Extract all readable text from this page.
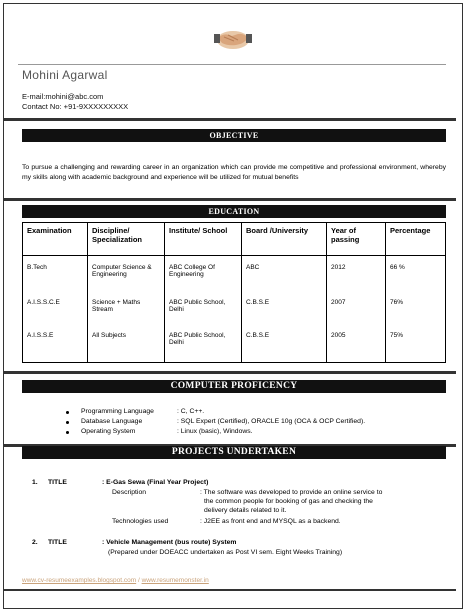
Mohini Agarwal
E-mail:mohini@abc.com
Contact No: +91-9XXXXXXXXX
OBJECTIVE
To pursue a challenging and rewarding career in an organization which can provide me competitive and professional environment, whereby my skills along with academic background and experience will be utilized for mutual benefits
EDUCATION
Examination	Discipline/ Specialization	Institute/ School	Board /University	Year of passing	Percentage
B.Tech	Computer Science & Engineering	ABC College Of Engineering	ABC	2012	66 %
A.I.S.S.C.E	Science + Maths Stream	ABC Public School, Delhi	C.B.S.E	2007	76%
A.I.S.S.E	All Subjects	ABC Public School, Delhi	C.B.S.E	2005	75%
COMPUTER PROFICENCY
Programming Language	: C, C++.
Database Language	: SQL Expert (Certified), ORACLE 10g (OCA & OCP Certified).
Operating System	: Linux (basic), Windows.
PROJECTS UNDERTAKEN
1. TITLE	: E-Gas Sewa (Final Year Project)
Description	: The software was developed to provide an online service to
the common people for booking of gas and checking the
delivery details related to it.
Technologies used	: J2EE as front end and MYSQL as a backend.
2. TITLE	: Vehicle Management (bus route) System
(Prepared under DOEACC undertaken as Post VI sem. Eight Weeks Training)
www.cv-resumeexamples.blogspot.com / www.resumemonster.in
